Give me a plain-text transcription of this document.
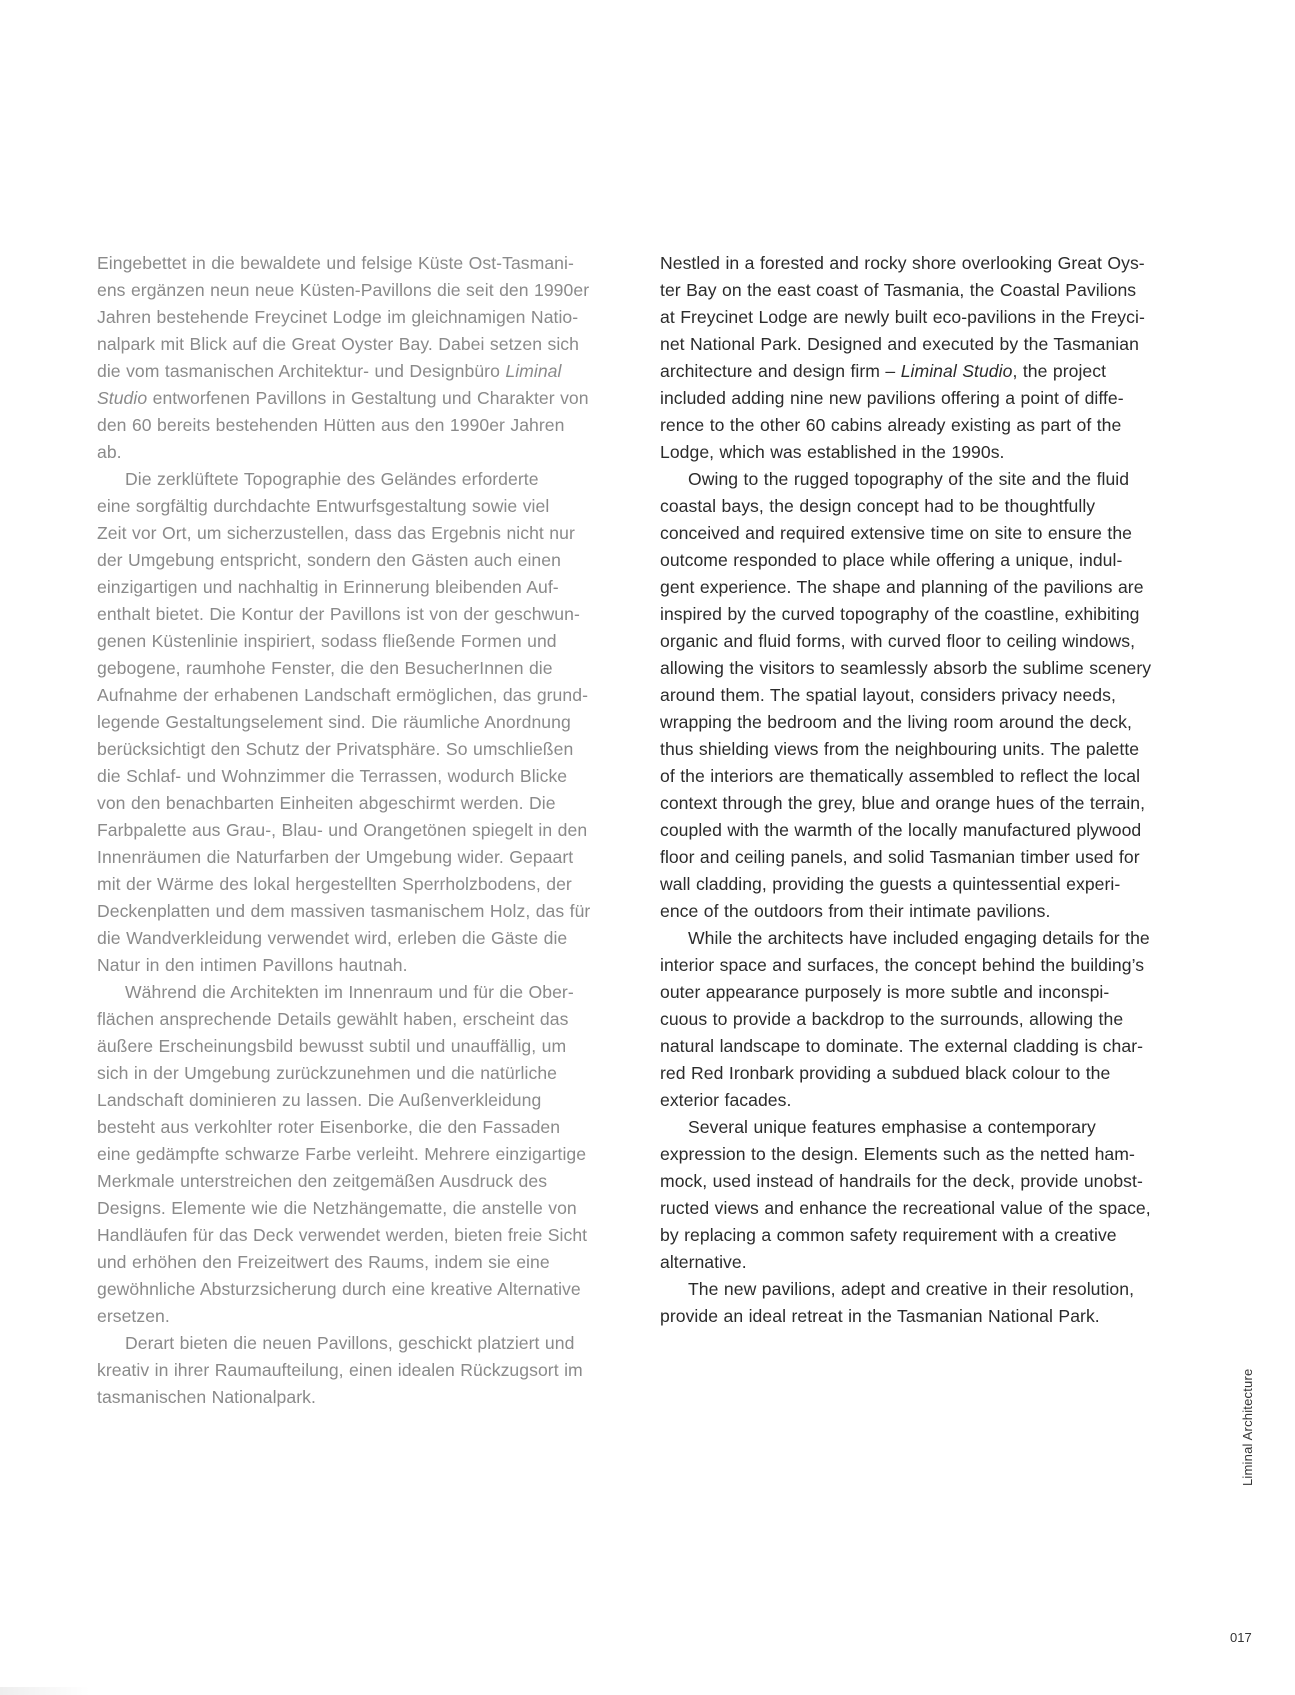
Eingebettet in die bewaldete und felsige Küste Ost-Tasmani-
ens ergänzen neun neue Küsten-Pavillons die seit den 1990er
Jahren bestehende Freycinet Lodge im gleichnamigen Natio-
nalpark mit Blick auf die Great Oyster Bay. Dabei setzen sich
die vom tasmanischen Architektur- und Designbüro Liminal
Studio entworfenen Pavillons in Gestaltung und Charakter von
den 60 bereits bestehenden Hütten aus den 1990er Jahren
ab.
Die zerklüftete Topographie des Geländes erforderte
eine sorgfältig durchdachte Entwurfsgestaltung sowie viel
Zeit vor Ort, um sicherzustellen, dass das Ergebnis nicht nur
der Umgebung entspricht, sondern den Gästen auch einen
einzigartigen und nachhaltig in Erinnerung bleibenden Auf-
enthalt bietet. Die Kontur der Pavillons ist von der geschwun-
genen Küstenlinie inspiriert, sodass fließende Formen und
gebogene, raumhohe Fenster, die den BesucherInnen die
Aufnahme der erhabenen Landschaft ermöglichen, das grund-
legende Gestaltungselement sind. Die räumliche Anordnung
berücksichtigt den Schutz der Privatsphäre. So umschließen
die Schlaf- und Wohnzimmer die Terrassen, wodurch Blicke
von den benachbarten Einheiten abgeschirmt werden. Die
Farbpalette aus Grau-, Blau- und Orangetönen spiegelt in den
Innenräumen die Naturfarben der Umgebung wider. Gepaart
mit der Wärme des lokal hergestellten Sperrholzbodens, der
Deckenplatten und dem massiven tasmanischem Holz, das für
die Wandverkleidung verwendet wird, erleben die Gäste die
Natur in den intimen Pavillons hautnah.
Während die Architekten im Innenraum und für die Ober-
flächen ansprechende Details gewählt haben, erscheint das
äußere Erscheinungsbild bewusst subtil und unauffällig, um
sich in der Umgebung zurückzunehmen und die natürliche
Landschaft dominieren zu lassen. Die Außenverkleidung
besteht aus verkohlter roter Eisenborke, die den Fassaden
eine gedämpfte schwarze Farbe verleiht. Mehrere einzigartige
Merkmale unterstreichen den zeitgemäßen Ausdruck des
Designs. Elemente wie die Netzhängematte, die anstelle von
Handläufen für das Deck verwendet werden, bieten freie Sicht
und erhöhen den Freizeitwert des Raums, indem sie eine
gewöhnliche Absturzsicherung durch eine kreative Alternative
ersetzen.
Derart bieten die neuen Pavillons, geschickt platziert und
kreativ in ihrer Raumaufteilung, einen idealen Rückzugsort im
tasmanischen Nationalpark.
Nestled in a forested and rocky shore overlooking Great Oys-
ter Bay on the east coast of Tasmania, the Coastal Pavilions
at Freycinet Lodge are newly built eco-pavilions in the Freyci-
net National Park. Designed and executed by the Tasmanian
architecture and design firm – Liminal Studio, the project
included adding nine new pavilions offering a point of diffe-
rence to the other 60 cabins already existing as part of the
Lodge, which was established in the 1990s.
Owing to the rugged topography of the site and the fluid
coastal bays, the design concept had to be thoughtfully
conceived and required extensive time on site to ensure the
outcome responded to place while offering a unique, indul-
gent experience. The shape and planning of the pavilions are
inspired by the curved topography of the coastline, exhibiting
organic and fluid forms, with curved floor to ceiling windows,
allowing the visitors to seamlessly absorb the sublime scenery
around them. The spatial layout, considers privacy needs,
wrapping the bedroom and the living room around the deck,
thus shielding views from the neighbouring units. The palette
of the interiors are thematically assembled to reflect the local
context through the grey, blue and orange hues of the terrain,
coupled with the warmth of the locally manufactured plywood
floor and ceiling panels, and solid Tasmanian timber used for
wall cladding, providing the guests a quintessential experi-
ence of the outdoors from their intimate pavilions.
While the architects have included engaging details for the
interior space and surfaces, the concept behind the building’s
outer appearance purposely is more subtle and inconspi-
cuous to provide a backdrop to the surrounds, allowing the
natural landscape to dominate. The external cladding is char-
red Red Ironbark providing a subdued black colour to the
exterior facades.
Several unique features emphasise a contemporary
expression to the design. Elements such as the netted ham-
mock, used instead of handrails for the deck, provide unobst-
ructed views and enhance the recreational value of the space,
by replacing a common safety requirement with a creative
alternative.
The new pavilions, adept and creative in their resolution,
provide an ideal retreat in the Tasmanian National Park.
Liminal Architecture
017
